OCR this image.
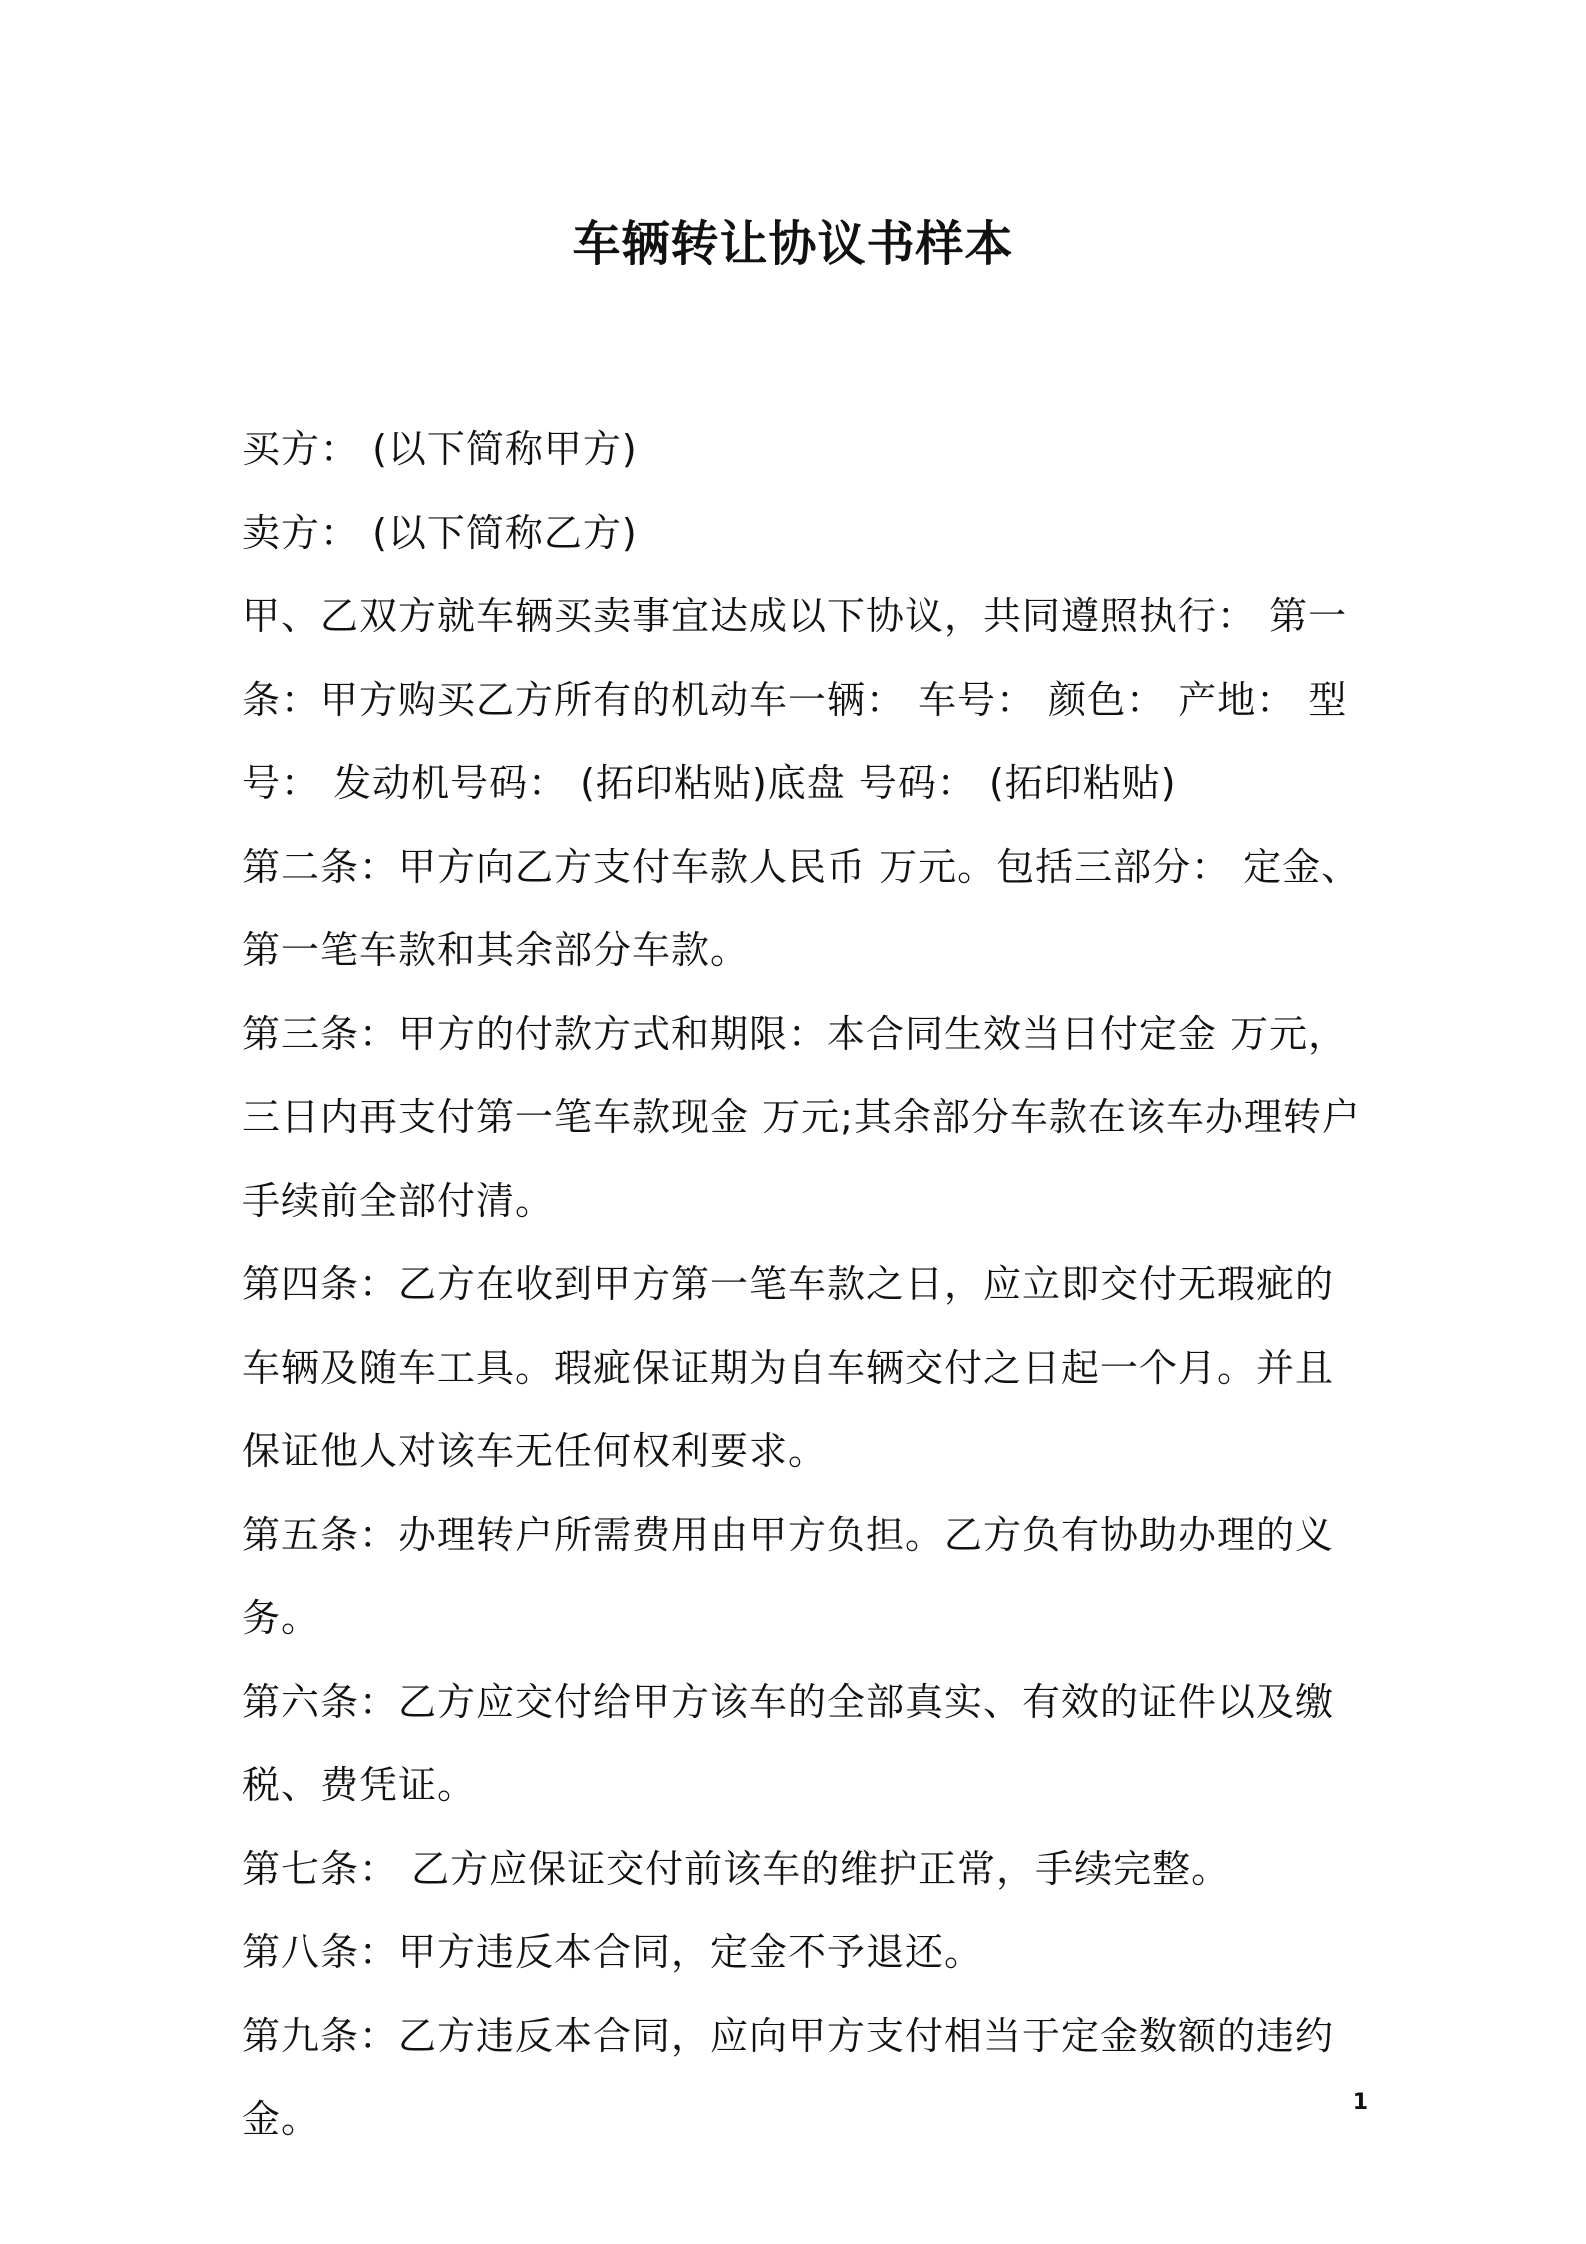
车辆转让协议书样本

买方： (以下简称甲方)

卖方： (以下简称乙方)

甲、乙双方就车辆买卖事宜达成以下协议，共同遵照执行： 第一条：甲方购买乙方所有的机动车一辆： 车号： 颜色： 产地： 型号： 发动机号码： (拓印粘贴)底盘 号码： (拓印粘贴)

第二条：甲方向乙方支付车款人民币 万元。包括三部分： 定金、第一笔车款和其余部分车款。

第三条：甲方的付款方式和期限：本合同生效当日付定金 万元，三日内再支付第一笔车款现金 万元;其余部分车款在该车办理转户手续前全部付清。

第四条：乙方在收到甲方第一笔车款之日，应立即交付无瑕疵的车辆及随车工具。瑕疵保证期为自车辆交付之日起一个月。并且保证他人对该车无任何权利要求。

第五条：办理转户所需费用由甲方负担。乙方负有协助办理的义务。

第六条：乙方应交付给甲方该车的全部真实、有效的证件以及缴税、费凭证。

第七条： 乙方应保证交付前该车的维护正常，手续完整。

第八条：甲方违反本合同，定金不予退还。

第九条：乙方违反本合同，应向甲方支付相当于定金数额的违约金。	1
